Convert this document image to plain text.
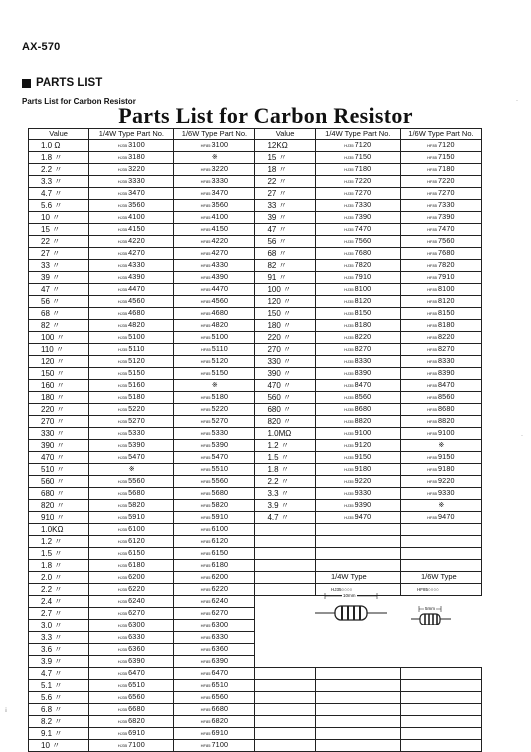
AX-570
PARTS LIST
Parts List for Carbon Resistor
Parts List for Carbon Resistor
Value	1/4W Type Part No.	1/6W Type Part No.	Value	1/4W Type Part No.	1/6W Type Part No.
1.0 Ω	HJ353100	HF853100	12KΩ	HJ357120	HF857120
1.8 〃	HJ353180	※	15 〃	HJ357150	HF857150
2.2 〃	HJ353220	HF853220	18 〃	HJ357180	HF857180
3.3 〃	HJ353330	HF853330	22 〃	HJ357220	HF857220
4.7 〃	HJ353470	HF853470	27 〃	HJ357270	HF857270
5.6 〃	HJ353560	HF853560	33 〃	HJ357330	HF857330
10 〃	HJ354100	HF854100	39 〃	HJ357390	HF857390
15 〃	HJ354150	HF854150	47 〃	HJ357470	HF857470
22 〃	HJ354220	HF854220	56 〃	HJ357560	HF857560
27 〃	HJ354270	HF854270	68 〃	HJ357680	HF857680
33 〃	HJ354330	HF854330	82 〃	HJ357820	HF857820
39 〃	HJ354390	HF854390	91 〃	HJ357910	HF857910
47 〃	HJ354470	HF854470	100 〃	HJ358100	HF858100
56 〃	HJ354560	HF854560	120 〃	HJ358120	HF858120
68 〃	HJ354680	HF854680	150 〃	HJ358150	HF858150
82 〃	HJ354820	HF854820	180 〃	HJ358180	HF858180
100 〃	HJ355100	HF855100	220 〃	HJ358220	HF858220
110 〃	HJ355110	HF855110	270 〃	HJ358270	HF858270
120 〃	HJ355120	HF855120	330 〃	HJ358330	HF858330
150 〃	HJ355150	HF855150	390 〃	HJ358390	HF858390
160 〃	HJ355160	※	470 〃	HJ358470	HF858470
180 〃	HJ355180	HF855180	560 〃	HJ358560	HF858560
220 〃	HJ355220	HF855220	680 〃	HJ358680	HF858680
270 〃	HJ355270	HF855270	820 〃	HJ358820	HF858820
330 〃	HJ355330	HF855330	1.0MΩ	HJ359100	HF859100
390 〃	HJ355390	HF855390	1.2 〃	HJ359120	※
470 〃	HJ355470	HF855470	1.5 〃	HJ359150	HF859150
510 〃	※	HF855510	1.8 〃	HJ359180	HF859180
560 〃	HJ355560	HF855560	2.2 〃	HJ359220	HF859220
680 〃	HJ355680	HF855680	3.3 〃	HJ359330	HF859330
820 〃	HJ355820	HF855820	3.9 〃	HJ359390	※
910 〃	HJ355910	HF855910	4.7 〃	HJ359470	HF859470
1.0KΩ	HJ356100	HF856100			
1.2 〃	HJ356120	HF856120			
1.5 〃	HJ356150	HF856150			
1.8 〃	HJ356180	HF856180			
2.0 〃	HJ356200	HF856200			
2.2 〃	HJ356220	HF856220			
2.4 〃	HJ356240	HF856240			
2.7 〃	HJ356270	HF856270			
3.0 〃	HJ356300	HF856300			
3.3 〃	HJ356330	HF856330			
3.6 〃	HJ356360	HF856360			
3.9 〃	HJ356390	HF856390			
4.7 〃	HJ356470	HF856470			
5.1 〃	HJ356510	HF856510			
5.6 〃	HJ356560	HF856560			
6.8 〃	HJ356680	HF856680			
8.2 〃	HJ356820	HF856820			
9.1 〃	HJ356910	HF856910			
10 〃	HJ357100	HF857100			
1/4W Type	1/6W Type
HJ35○○○○	HF85○○○○
10mm
5mm
·
·
¡
